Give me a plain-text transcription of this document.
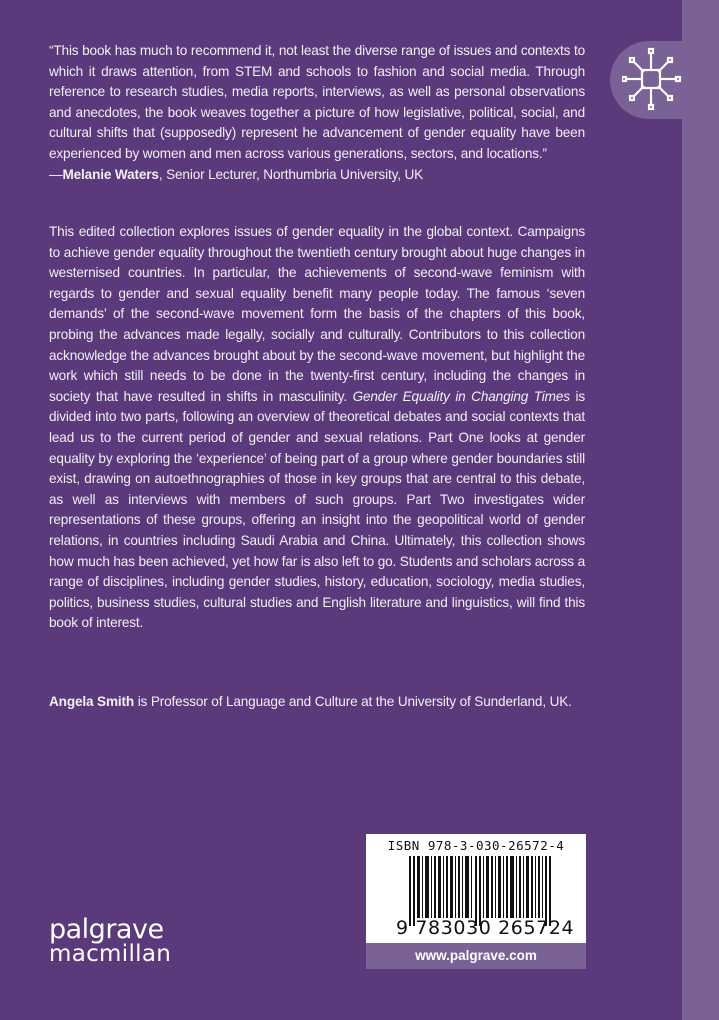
“This book has much to recommend it, not least the diverse range of issues and contexts to which it draws attention, from STEM and schools to fashion and social media. Through reference to research studies, media reports, interviews, as well as personal observations and anecdotes, the book weaves together a picture of how legislative, political, social, and cultural shifts that (supposedly) represent he advancement of gender equality have been experienced by women and men across various generations, sectors, and locations.”
—Melanie Waters, Senior Lecturer, Northumbria University, UK
This edited collection explores issues of gender equality in the global context. Campaigns to achieve gender equality throughout the twentieth century brought about huge changes in westernised countries. In particular, the achievements of second-wave feminism with regards to gender and sexual equality benefit many people today. The famous ‘seven demands’ of the second-wave movement form the basis of the chapters of this book, probing the advances made legally, socially and culturally. Contributors to this collection acknowledge the advances brought about by the second-wave movement, but highlight the work which still needs to be done in the twenty-first century, including the changes in society that have resulted in shifts in masculinity. Gender Equality in Changing Times is divided into two parts, following an overview of theoretical debates and social contexts that lead us to the current period of gender and sexual relations. Part One looks at gender equality by exploring the ‘experience’ of being part of a group where gender boundaries still exist, drawing on autoethnographies of those in key groups that are central to this debate, as well as interviews with members of such groups. Part Two investigates wider representations of these groups, offering an insight into the geopolitical world of gender relations, in countries including Saudi Arabia and China. Ultimately, this collection shows how much has been achieved, yet how far is also left to go. Students and scholars across a range of disciplines, including gender studies, history, education, sociology, media studies, politics, business studies, cultural studies and English literature and linguistics, will find this book of interest.
Angela Smith is Professor of Language and Culture at the University of Sunderland, UK.
palgrave
macmillan
ISBN 978-3-030-26572-4
9 783030 265724
www.palgrave.com
